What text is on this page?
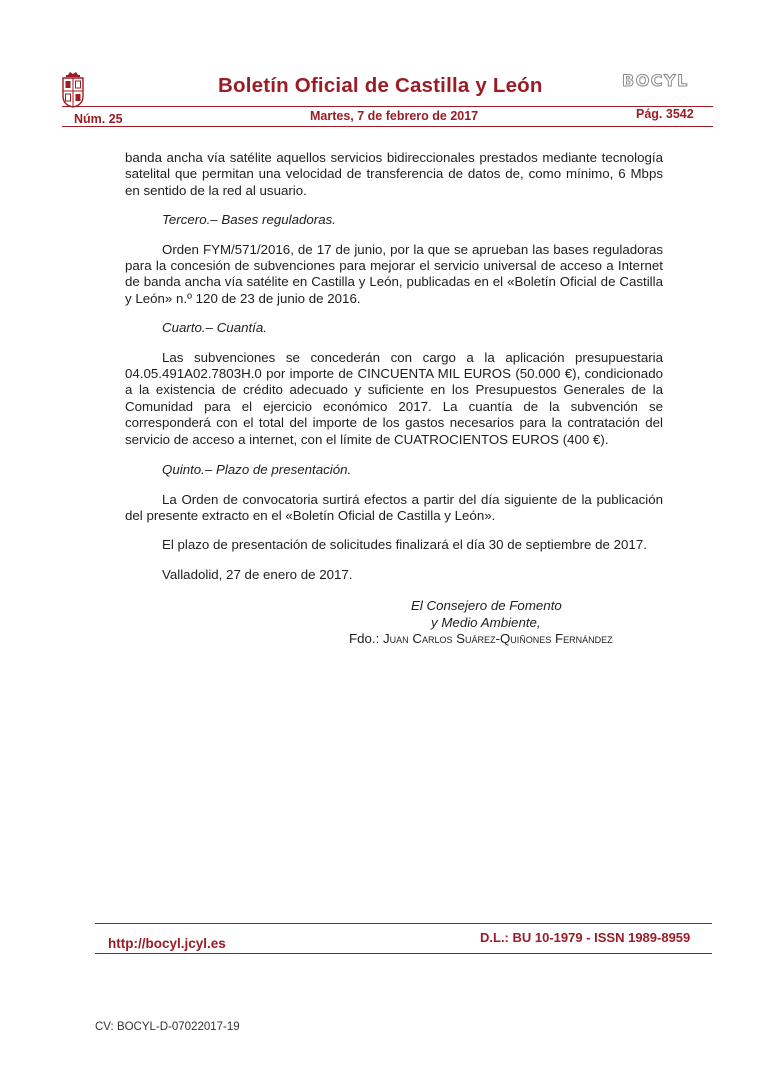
Boletín Oficial de Castilla y León	BOCYL
Núm. 25	Martes, 7 de febrero de 2017	Pág. 3542

banda ancha vía satélite aquellos servicios bidireccionales prestados mediante tecnología satelital que permitan una velocidad de transferencia de datos de, como mínimo, 6 Mbps en sentido de la red al usuario.

Tercero.– Bases reguladoras.

Orden FYM/571/2016, de 17 de junio, por la que se aprueban las bases reguladoras para la concesión de subvenciones para mejorar el servicio universal de acceso a Internet de banda ancha vía satélite en Castilla y León, publicadas en el «Boletín Oficial de Castilla y León» n.º 120 de 23 de junio de 2016.

Cuarto.– Cuantía.

Las subvenciones se concederán con cargo a la aplicación presupuestaria 04.05.491A02.7803H.0 por importe de CINCUENTA MIL EUROS (50.000 €), condicionado a la existencia de crédito adecuado y suficiente en los Presupuestos Generales de la Comunidad para el ejercicio económico 2017. La cuantía de la subvención se corresponderá con el total del importe de los gastos necesarios para la contratación del servicio de acceso a internet, con el límite de CUATROCIENTOS EUROS (400 €).

Quinto.– Plazo de presentación.

La Orden de convocatoria surtirá efectos a partir del día siguiente de la publicación del presente extracto en el «Boletín Oficial de Castilla y León».

El plazo de presentación de solicitudes finalizará el día 30 de septiembre de 2017.

Valladolid, 27 de enero de 2017.

El Consejero de Fomento
y Medio Ambiente,
Fdo.: Juan Carlos Suárez-Quiñones Fernández
http://bocyl.jcyl.es	D.L.: BU 10-1979 - ISSN 1989-8959
CV: BOCYL-D-07022017-19
